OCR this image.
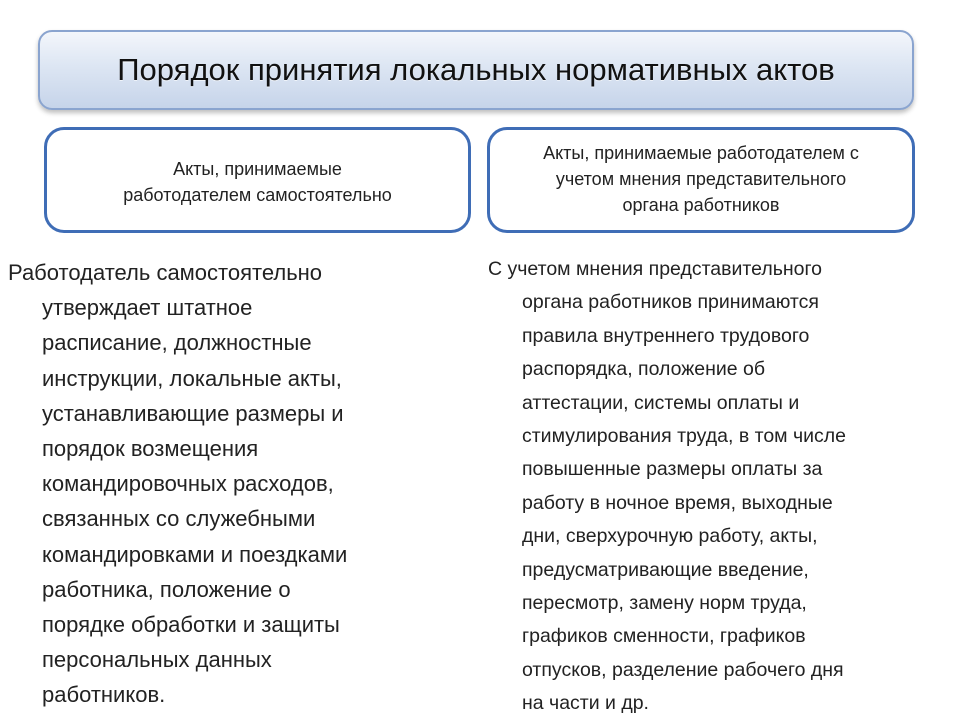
Порядок принятия локальных нормативных актов
Акты, принимаемые
работодателем самостоятельно
Акты, принимаемые работодателем с
учетом мнения представительного
органа работников

Работодатель самостоятельно
утверждает штатное
расписание, должностные
инструкции, локальные акты,
устанавливающие размеры и
порядок возмещения
командировочных расходов,
связанных со служебными
командировками и поездками
работника, положение о
порядке обработки и защиты
персональных данных
работников.

С учетом мнения представительного
органа работников принимаются
правила внутреннего трудового
распорядка, положение об
аттестации, системы оплаты и
стимулирования труда, в том числе
повышенные размеры оплаты за
работу в ночное время, выходные
дни, сверхурочную работу, акты,
предусматривающие введение,
пересмотр, замену норм труда,
графиков сменности, графиков
отпусков, разделение рабочего дня
на части и др.
